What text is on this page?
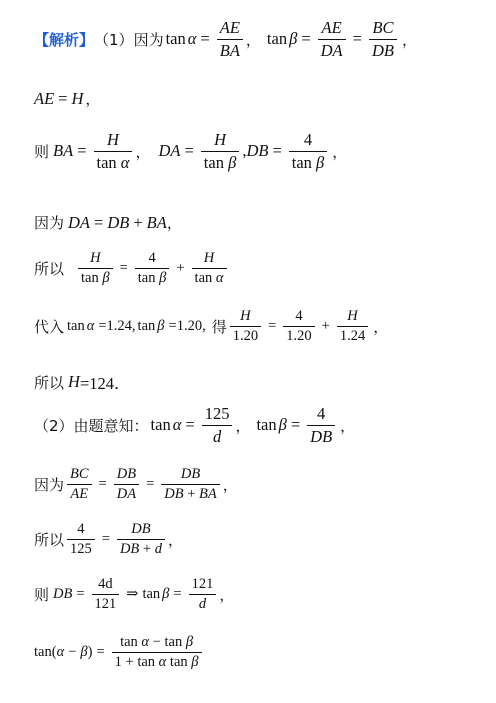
【解析】 （1） 因为 $\tan \alpha = \frac{AE}{BA}$ ， $\tan \beta = \frac{AE}{DA} = \frac{BC}{DB}$ ，
AE = H ，
则 BA = $\frac{H}{\text{tan α}}$ ， DA = $\frac{H}{\text{tan β}}$ , DB = $\frac{4}{\text{tan β}}$ ，
因为 DA = DB + BA ，
所以 $\frac{H}{\text{tan β}} = \frac{4}{\text{tan β}} + \frac{H}{\text{tan α}}$
代入 tan α = 1.24 , tan β = 1.20 , 得 $\frac{H}{1.20} = \frac{4}{1.20} + \frac{H}{1.24}$ ，
所以 H =124．
（2）由题意知： $\tan \alpha = \frac{125}{d}$ ， $\tan \beta = \frac{4}{DB}$ ，
因为 $\frac{BC}{AE} = \frac{DB}{DA} = \frac{DB}{DB + BA}$ ，
所以 $\frac{4}{125} = \frac{DB}{DB + d}$ ，
则 DB = $\frac{4d}{121}$ ⇒ $\tan \beta = \frac{121}{d}$ ，
tan ( α − β ) = $\frac{\text{tan α − tan β}}{\text{1 + tan α tan β}}$
